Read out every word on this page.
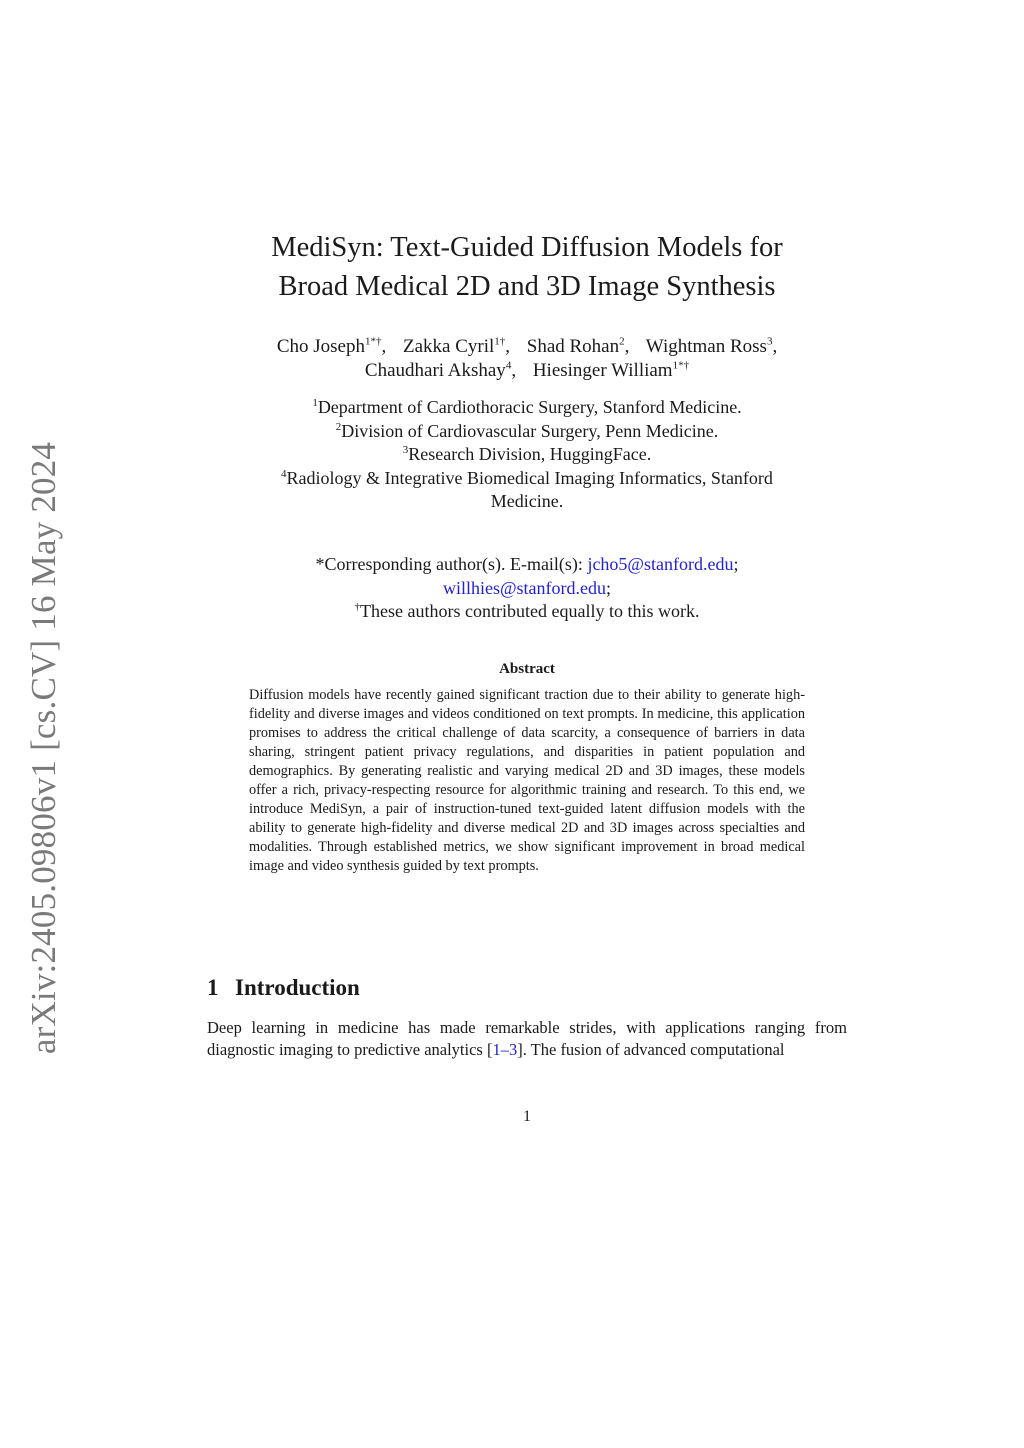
arXiv:2405.09806v1 [cs.CV] 16 May 2024
MediSyn: Text-Guided Diffusion Models for
Broad Medical 2D and 3D Image Synthesis
Cho Joseph$^{1*\dagger}$, Zakka Cyril$^{1\dagger}$, Shad Rohan$^2$, Wightman Ross$^3$,
Chaudhari Akshay$^4$, Hiesinger William$^{1*\dagger}$
$^1$Department of Cardiothoracic Surgery, Stanford Medicine.
$^2$Division of Cardiovascular Surgery, Penn Medicine.
$^3$Research Division, HuggingFace.
$^4$Radiology & Integrative Biomedical Imaging Informatics, Stanford
Medicine.
*Corresponding author(s). E-mail(s): jcho5@stanford.edu;
willhies@stanford.edu;
†These authors contributed equally to this work.
Abstract
Diffusion models have recently gained significant traction due to their ability to generate high-fidelity and diverse images and videos conditioned on text prompts. In medicine, this application promises to address the critical challenge of data scarcity, a consequence of barriers in data sharing, stringent patient privacy regulations, and disparities in patient population and demographics. By generating realistic and varying medical 2D and 3D images, these models offer a rich, privacy-respecting resource for algorithmic training and research. To this end, we introduce MediSyn, a pair of instruction-tuned text-guided latent diffusion models with the ability to generate high-fidelity and diverse medical 2D and 3D images across specialties and modalities. Through established metrics, we show significant improvement in broad medical image and video synthesis guided by text prompts.
1 Introduction
Deep learning in medicine has made remarkable strides, with applications ranging from diagnostic imaging to predictive analytics [1–3]. The fusion of advanced computational
1
